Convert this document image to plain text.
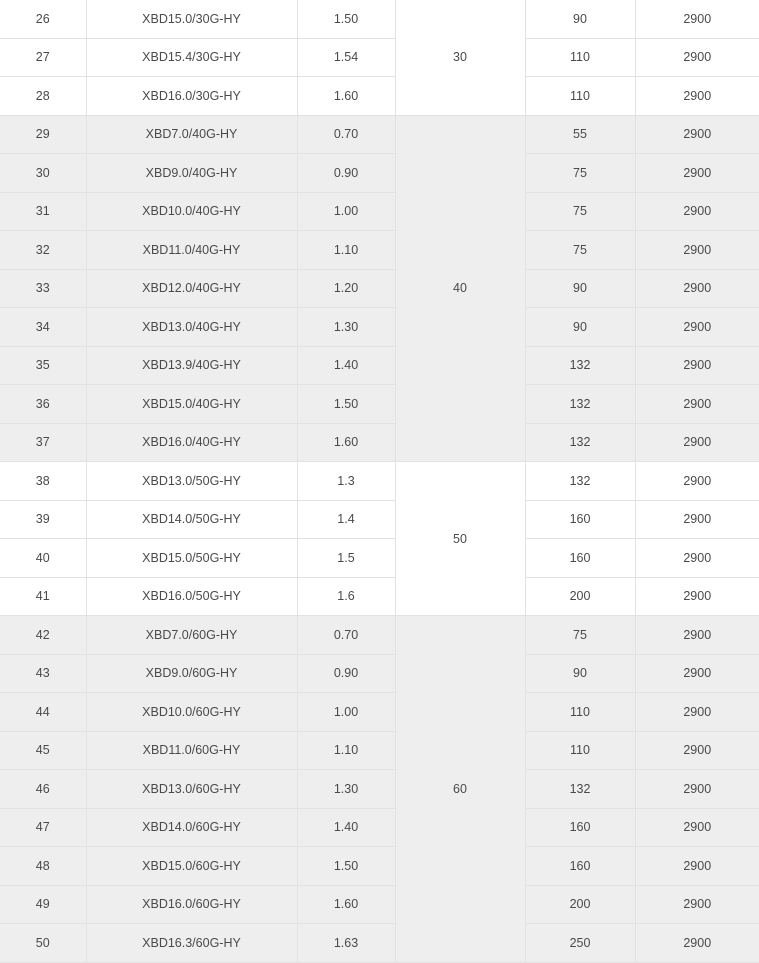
26	XBD15.0/30G-HY	1.50	30	90	2900
27	XBD15.4/30G-HY	1.54		110	2900
28	XBD16.0/30G-HY	1.60		110	2900
29	XBD7.0/40G-HY	0.70	40	55	2900
30	XBD9.0/40G-HY	0.90		75	2900
31	XBD10.0/40G-HY	1.00		75	2900
32	XBD11.0/40G-HY	1.10		75	2900
33	XBD12.0/40G-HY	1.20		90	2900
34	XBD13.0/40G-HY	1.30		90	2900
35	XBD13.9/40G-HY	1.40		132	2900
36	XBD15.0/40G-HY	1.50		132	2900
37	XBD16.0/40G-HY	1.60		132	2900
38	XBD13.0/50G-HY	1.3	50	132	2900
39	XBD14.0/50G-HY	1.4		160	2900
40	XBD15.0/50G-HY	1.5		160	2900
41	XBD16.0/50G-HY	1.6		200	2900
42	XBD7.0/60G-HY	0.70	60	75	2900
43	XBD9.0/60G-HY	0.90		90	2900
44	XBD10.0/60G-HY	1.00		110	2900
45	XBD11.0/60G-HY	1.10		110	2900
46	XBD13.0/60G-HY	1.30		132	2900
47	XBD14.0/60G-HY	1.40		160	2900
48	XBD15.0/60G-HY	1.50		160	2900
49	XBD16.0/60G-HY	1.60		200	2900
50	XBD16.3/60G-HY	1.63		250	2900
